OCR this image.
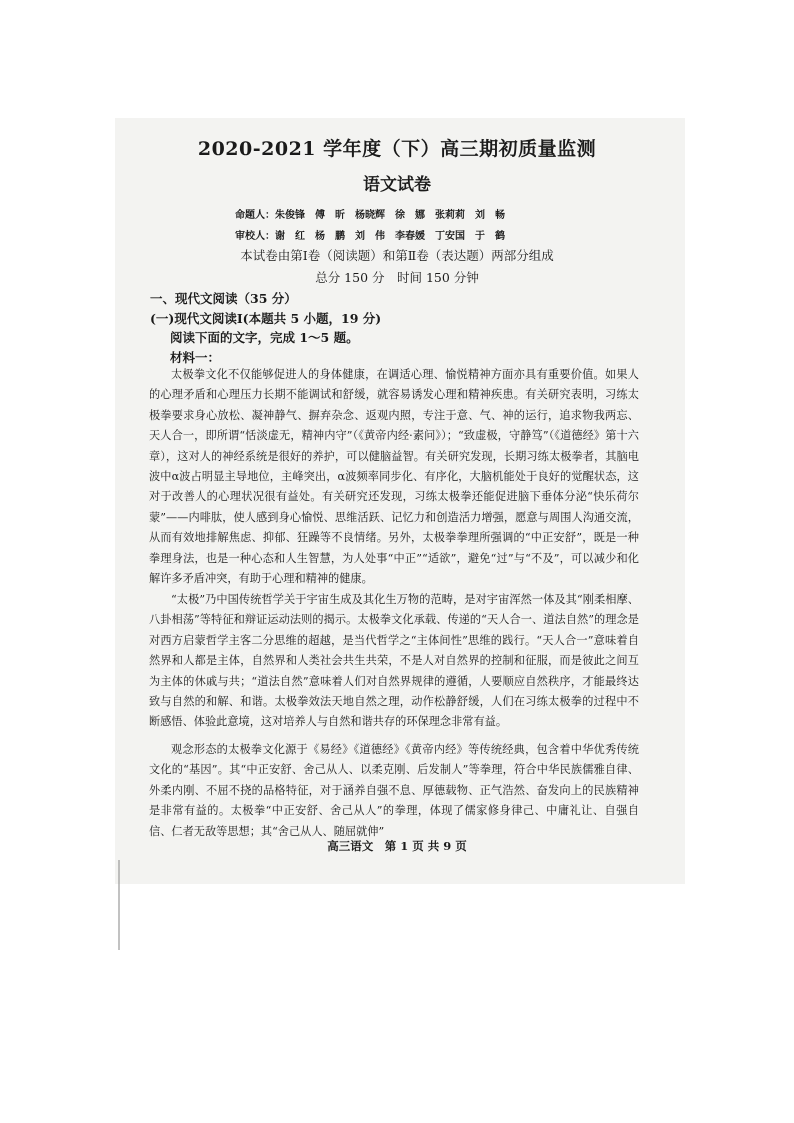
2020-2021 学年度（下）高三期初质量监测
语文试卷
命题人：朱俊锋　傅　昕　杨晓辉　徐　娜　张莉莉　刘　畅
审校人：谢　红　杨　鹏　刘　伟　李春媛　丁安国　于　鹤
本试卷由第Ⅰ卷（阅读题）和第Ⅱ卷（表达题）两部分组成
总分 150 分　时间 150 分钟
一、现代文阅读（35 分）
(一)现代文阅读Ⅰ(本题共 5 小题，19 分)
阅读下面的文字，完成 1～5 题。
材料一：
太极拳文化不仅能够促进人的身体健康，在调适心理、愉悦精神方面亦具有重要价值。如果人的心理矛盾和心理压力长期不能调试和舒缓，就容易诱发心理和精神疾患。有关研究表明，习练太极拳要求身心放松、凝神静气、摒弃杂念、返观内照，专注于意、气、神的运行，追求物我两忘、天人合一，即所谓“恬淡虚无，精神内守”（《黄帝内经·素问》）；“致虚极，守静笃”（《道德经》第十六章），这对人的神经系统是很好的养护，可以健脑益智。有关研究发现，长期习练太极拳者，其脑电波中α波占明显主导地位，主峰突出，α波频率同步化、有序化，大脑机能处于良好的觉醒状态，这对于改善人的心理状况很有益处。有关研究还发现，习练太极拳还能促进脑下垂体分泌“快乐荷尔蒙”——内啡肽，使人感到身心愉悦、思维活跃、记忆力和创造活力增强，愿意与周围人沟通交流，从而有效地排解焦虑、抑郁、狂躁等不良情绪。另外，太极拳拳理所强调的“中正安舒”，既是一种拳理身法，也是一种心态和人生智慧，为人处事“中正”“适欲”，避免“过”与“不及”，可以减少和化解许多矛盾冲突，有助于心理和精神的健康。
“太极”乃中国传统哲学关于宇宙生成及其化生万物的范畴，是对宇宙浑然一体及其“刚柔相摩、八卦相荡”等特征和辩证运动法则的揭示。太极拳文化承载、传递的“天人合一、道法自然”的理念是对西方启蒙哲学主客二分思维的超越，是当代哲学之“主体间性”思维的践行。“天人合一”意味着自然界和人都是主体，自然界和人类社会共生共荣，不是人对自然界的控制和征服，而是彼此之间互为主体的休戚与共；“道法自然”意味着人们对自然界规律的遵循，人要顺应自然秩序，才能最终达致与自然的和解、和谐。太极拳效法天地自然之理，动作松静舒缓，人们在习练太极拳的过程中不断感悟、体验此意境，这对培养人与自然和谐共存的环保理念非常有益。
观念形态的太极拳文化源于《易经》《道德经》《黄帝内经》等传统经典，包含着中华优秀传统文化的“基因”。其“中正安舒、舍己从人、以柔克刚、后发制人”等拳理，符合中华民族儒雅自律、外柔内刚、不屈不挠的品格特征，对于涵养自强不息、厚德载物、正气浩然、奋发向上的民族精神是非常有益的。太极拳“中正安舒、舍己从人”的拳理，体现了儒家修身律己、中庸礼让、自强自信、仁者无敌等思想；其“舍己从人、随屈就伸”
高三语文　第 1 页 共 9 页
